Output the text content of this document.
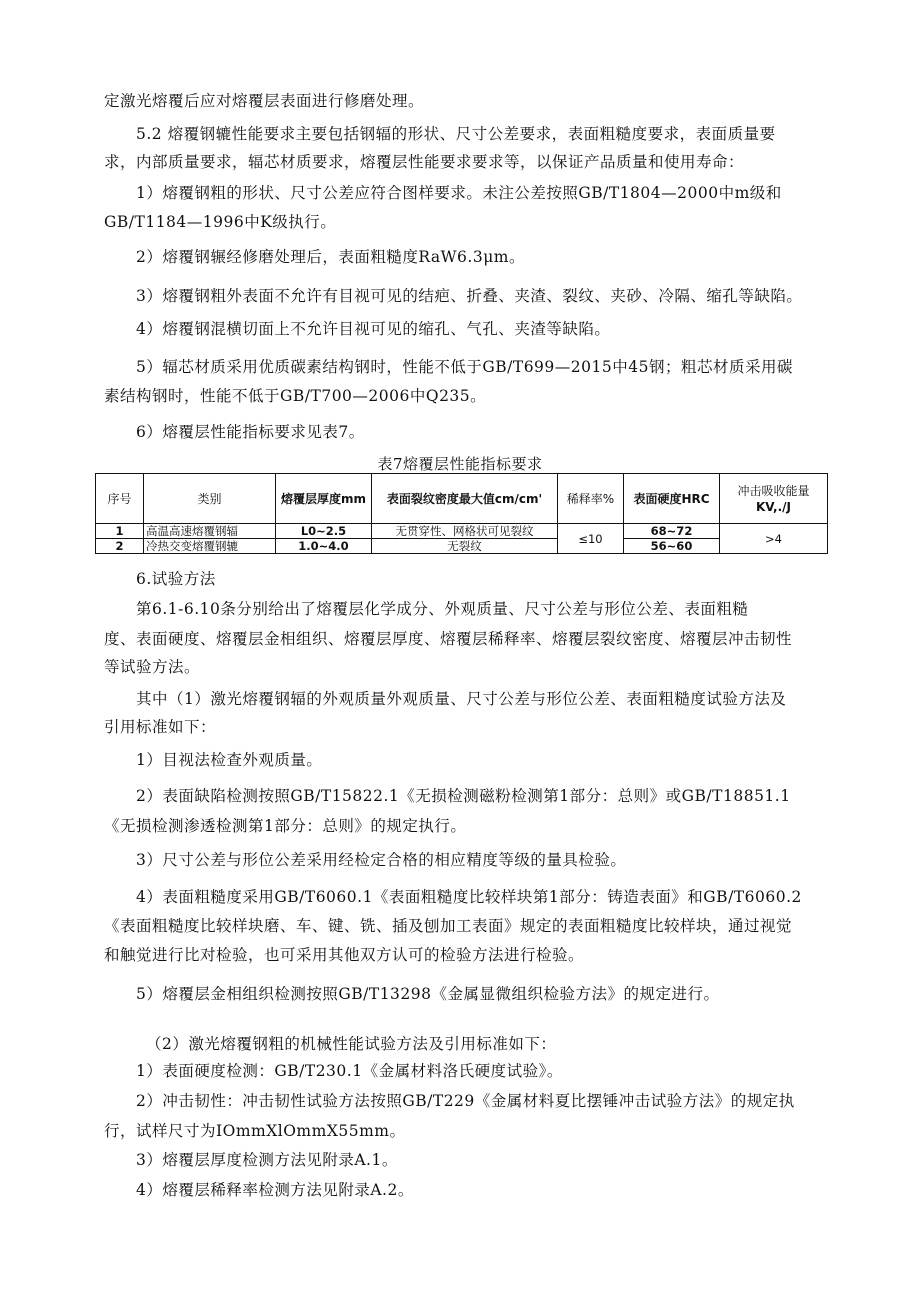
定激光熔覆后应对熔覆层表面进行修磨处理。
5.2 熔覆钢辘性能要求主要包括钢辐的形状、尺寸公差要求，表面粗糙度要求，表面质量要
求，内部质量要求，辐芯材质要求，熔覆层性能要求要求等，以保证产品质量和使用寿命：
1）熔覆钢粗的形状、尺寸公差应符合图样要求。未注公差按照GB/T1804—2000中m级和
GB/T1184—1996中K级执行。
2）熔覆钢辗经修磨处理后，表面粗糙度RaW6.3μm。
3）熔覆钢粗外表面不允许有目视可见的结疤、折叠、夹渣、裂纹、夹砂、冷隔、缩孔等缺陷。
4）熔覆钢混横切面上不允许目视可见的缩孔、气孔、夹渣等缺陷。
5）辐芯材质采用优质碳素结构钢时，性能不低于GB/T699—2015中45钢；粗芯材质采用碳
素结构钢时，性能不低于GB/T700—2006中Q235。
6）熔覆层性能指标要求见表7。
表7熔覆层性能指标要求
序号	类别	熔覆层厚度mm	表面裂纹密度最大值cm/cm'	稀释率%	表面硬度HRC	冲击吸收能量
KV,./J

1	高温高速熔覆钢辐	L0~2.5	无贯穿性、网格状可见裂纹	≤10	68~72	>4
2	冷热交变熔覆钢辘	1.0~4.0	无裂纹		56~60	
6.试验方法
第6.1-6.10条分别给出了熔覆层化学成分、外观质量、尺寸公差与形位公差、表面粗糙
度、表面硬度、熔覆层金相组织、熔覆层厚度、熔覆层稀释率、熔覆层裂纹密度、熔覆层冲击韧性
等试验方法。
其中（1）激光熔覆钢辐的外观质量外观质量、尺寸公差与形位公差、表面粗糙度试验方法及
引用标准如下：
1）目视法检查外观质量。
2）表面缺陷检测按照GB/T15822.1《无损检测磁粉检测第1部分：总则》或GB/T18851.1
《无损检测渗透检测第1部分：总则》的规定执行。
3）尺寸公差与形位公差采用经检定合格的相应精度等级的量具检验。
4）表面粗糙度采用GB/T6060.1《表面粗糙度比较样块第1部分：铸造表面》和GB/T6060.2
《表面粗糙度比较样块磨、车、键、铣、插及刨加工表面》规定的表面粗糙度比较样块，通过视觉
和触觉进行比对检验，也可采用其他双方认可的检验方法进行检验。
5）熔覆层金相组织检测按照GB/T13298《金属显微组织检验方法》的规定进行。
（2）激光熔覆钢粗的机械性能试验方法及引用标准如下：
1）表面硬度检测：GB/T230.1《金属材料洛氏硬度试验》。
2）冲击韧性：冲击韧性试验方法按照GB/T229《金属材料夏比摆锤冲击试验方法》的规定执
行，试样尺寸为IOmmXlOmmX55mm。
3）熔覆层厚度检测方法见附录A.1。
4）熔覆层稀释率检测方法见附录A.2。
